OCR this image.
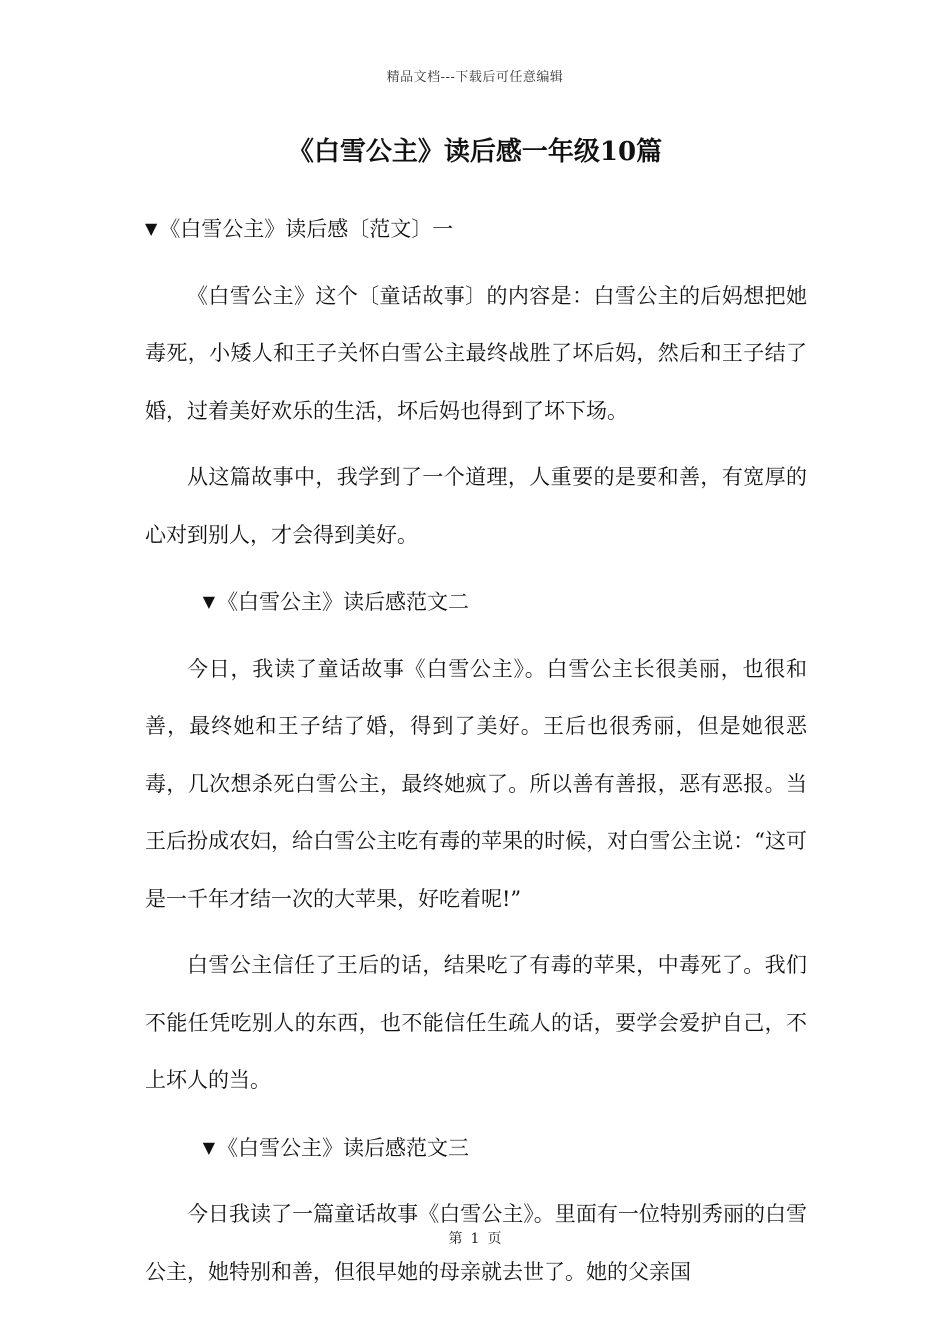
精品文档---下载后可任意编辑
《白雪公主》读后感一年级10篇
▼《白雪公主》读后感〔范文〕一

《白雪公主》这个〔童话故事〕的内容是：白雪公主的后妈想把她毒死，小矮人和王子关怀白雪公主最终战胜了坏后妈，然后和王子结了婚，过着美好欢乐的生活，坏后妈也得到了坏下场。

从这篇故事中，我学到了一个道理，人重要的是要和善，有宽厚的心对到别人，才会得到美好。

▼《白雪公主》读后感范文二

今日，我读了童话故事《白雪公主》。白雪公主长很美丽，也很和善，最终她和王子结了婚，得到了美好。王后也很秀丽，但是她很恶毒，几次想杀死白雪公主，最终她疯了。所以善有善报，恶有恶报。当王后扮成农妇，给白雪公主吃有毒的苹果的时候，对白雪公主说：“这可是一千年才结一次的大苹果，好吃着呢!”

白雪公主信任了王后的话，结果吃了有毒的苹果，中毒死了。我们不能任凭吃别人的东西，也不能信任生疏人的话，要学会爱护自己，不上坏人的当。

▼《白雪公主》读后感范文三

今日我读了一篇童话故事《白雪公主》。里面有一位特别秀丽的白雪公主，她特别和善，但很早她的母亲就去世了。她的父亲国

第 1 页
